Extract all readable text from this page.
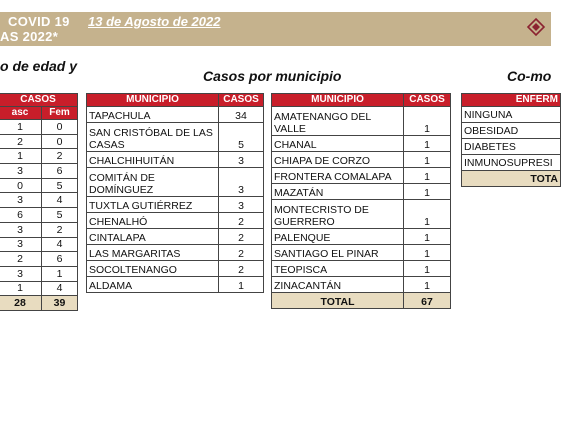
COVID 19 13 de Agosto de 2022
AS 2022*
o de edad y
Casos por municipio	Co-mo
CASOS	
asc	Fem
1	0
2	0
1	2
3	6
0	5
3	4
6	5
3	2
3	4
2	6
3	1
1	4
28	39
MUNICIPIO	CASOS
TAPACHULA	34
SAN CRISTÓBAL DE LAS CASAS	5
CHALCHIHUITÁN	3
COMITÁN DE DOMÍNGUEZ	3
TUXTLA GUTIÉRREZ	3
CHENALHÓ	2
CINTALAPA	2
LAS MARGARITAS	2
SOCOLTENANGO	2
ALDAMA	1
MUNICIPIO	CASOS
AMATENANGO DEL VALLE	1
CHANAL	1
CHIAPA DE CORZO	1
FRONTERA COMALAPA	1
MAZATÁN	1
MONTECRISTO DE GUERRERO	1
PALENQUE	1
SANTIAGO EL PINAR	1
TEOPISCA	1
ZINACANTÁN	1
TOTAL	67
ENFERM
NINGUNA
OBESIDAD
DIABETES
INMUNOSUPRESI
TOTA
